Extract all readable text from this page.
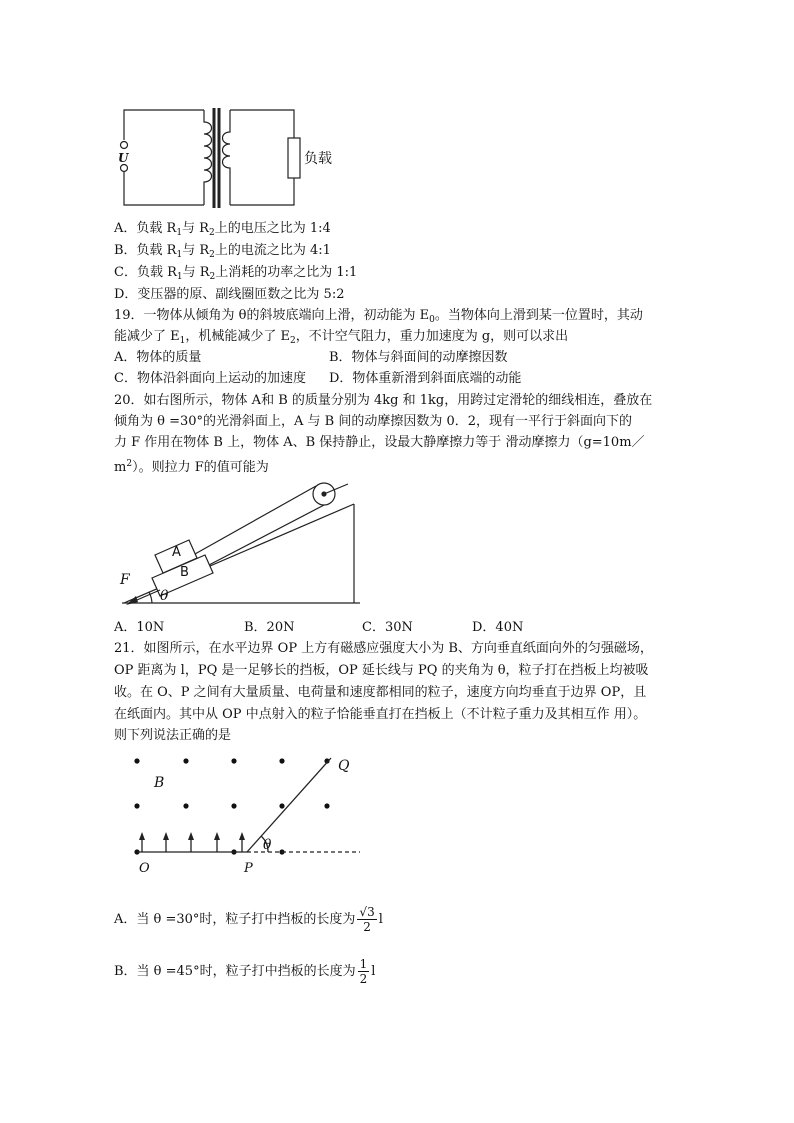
U	负载
A．负载 $R_1$与 $R_2$上的电压之比为 1:4
B．负载 $R_1$与 $R_2$上的电流之比为 4:1
C．负载 $R_1$与 $R_2$上消耗的功率之比为 1:1
D．变压器的原、副线圈匝数之比为 5:2
19．一物体从倾角为 θ的斜坡底端向上滑，初动能为 $E_0$。当物体向上滑到某一位置时，其动
能减少了 $E_1$，机械能减少了 $E_2$，不计空气阻力，重力加速度为 g，则可以求出
A．物体的质量	B．物体与斜面间的动摩擦因数
C．物体沿斜面向上运动的加速度 D．物体重新滑到斜面底端的动能
20．如右图所示，物体 A和 B 的质量分别为 4kg 和 1kg，用跨过定滑轮的细线相连，叠放在
倾角为 θ =30°的光滑斜面上，A 与 B 间的动摩擦因数为 0．2，现有一平行于斜面向下的
力 F 作用在物体 B 上，物体 A、B 保持静止，设最大静摩擦力等于 滑动摩擦力（g=10m／
$m^2$）。则拉力 F的值可能为
A
B
F
θ
A．10N	B．20N	C．30N	D．40N
21．如图所示，在水平边界 OP 上方有磁感应强度大小为 B、方向垂直纸面向外的匀强磁场，
OP 距离为 l，PQ 是一足够长的挡板，OP 延长线与 PQ 的夹角为 θ，粒子打在挡板上均被吸
收。在 O、P 之间有大量质量、电荷量和速度都相同的粒子，速度方向均垂直于边界 OP，且
在纸面内。其中从 OP 中点射入的粒子恰能垂直打在挡板上（不计粒子重力及其相互作 用）。
则下列说法正确的是
B
Q
O	P
θ
A．当 θ =30°时，粒子打中挡板的长度为 $\frac{√3}{2}$ l
B．当 θ =45°时，粒子打中挡板的长度为 $\frac{1}{2}$ l
